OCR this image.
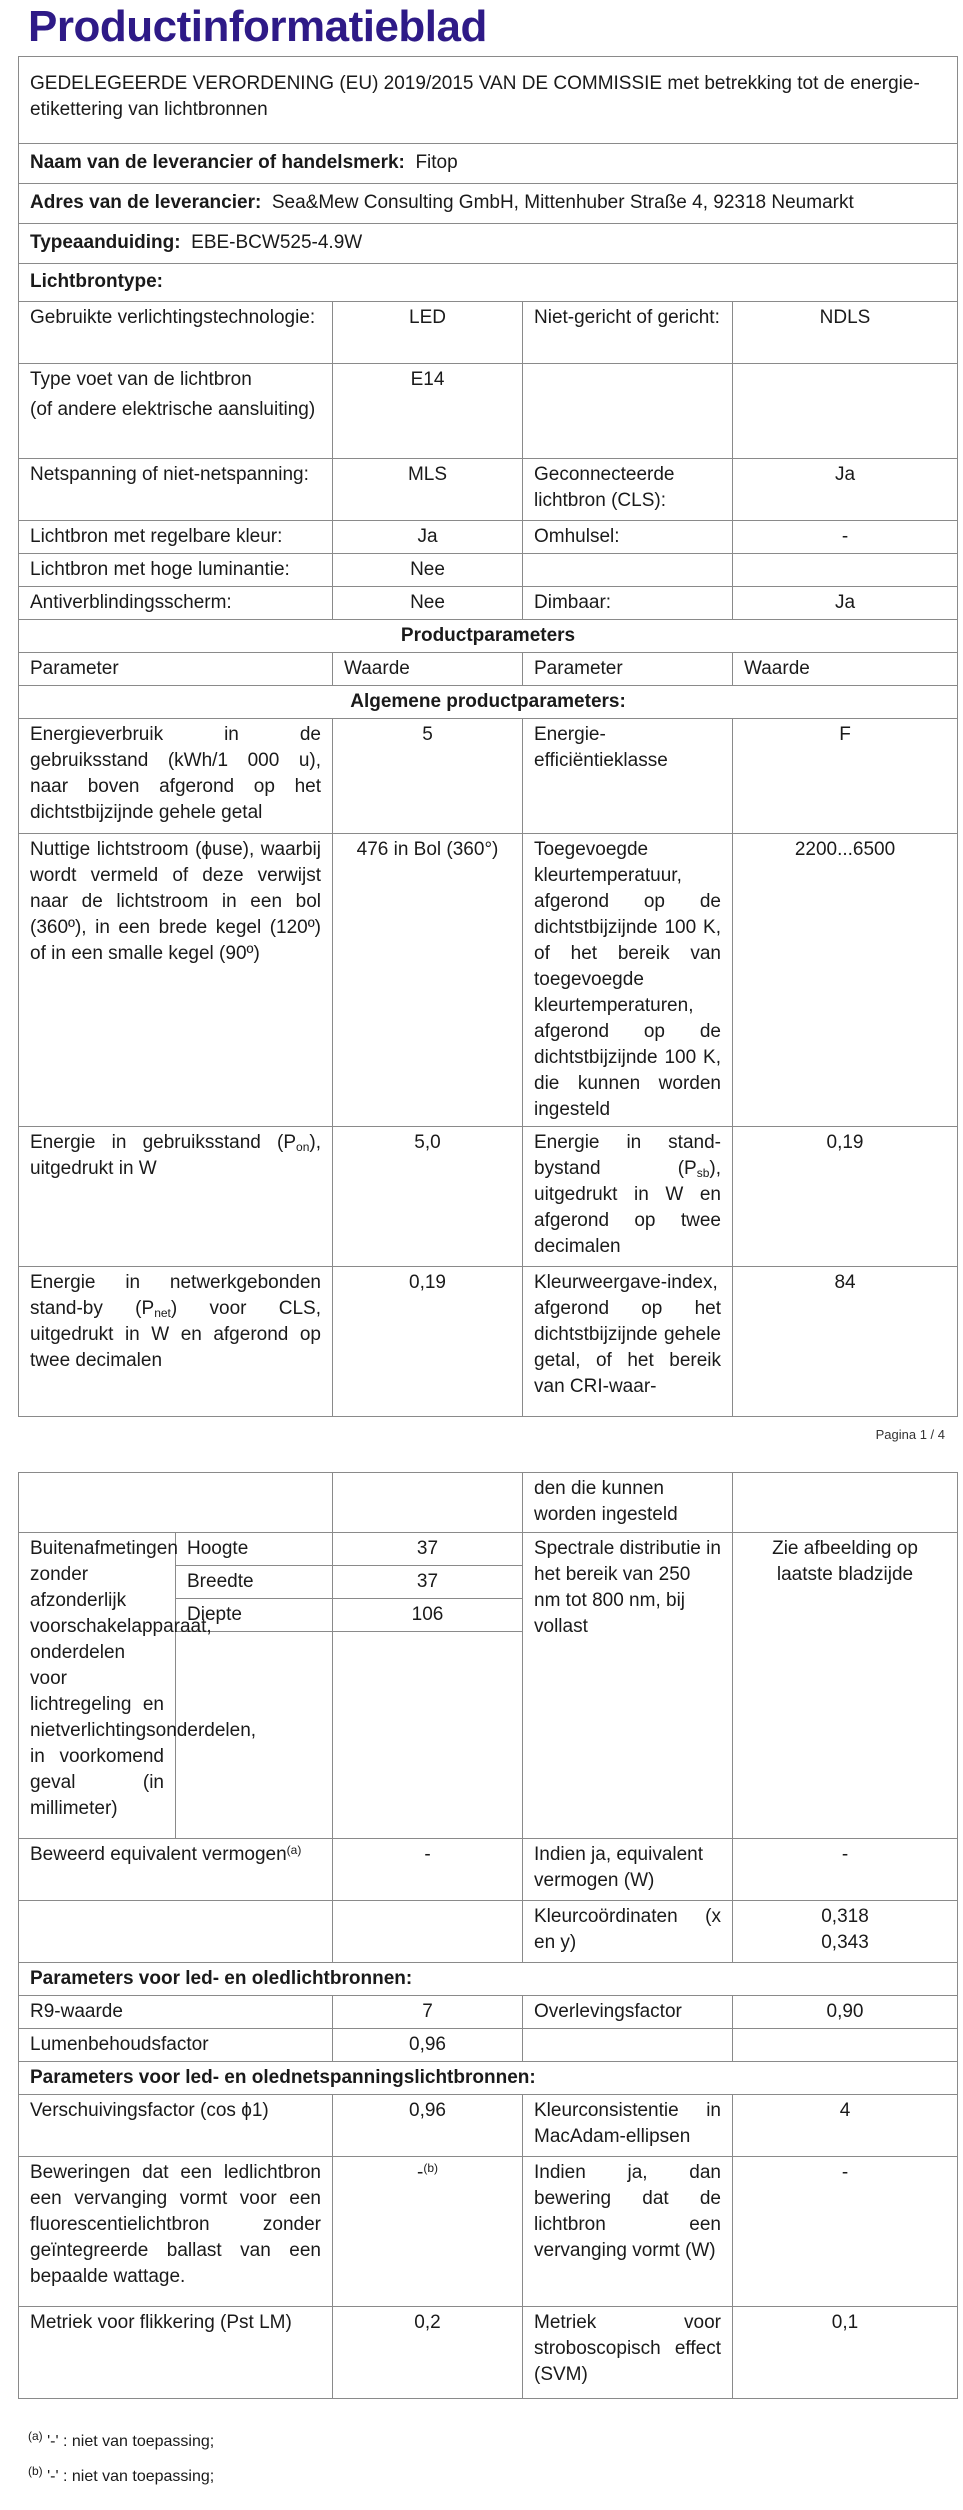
Productinformatieblad
GEDELEGEERDE VERORDENING (EU) 2019/2015 VAN DE COMMISSIE met betrekking tot de energie-etikettering van lichtbronnen			
Naam van de leverancier of handelsmerk: Fitop			
Adres van de leverancier: Sea&Mew Consulting GmbH, Mittenhuber Straße 4, 92318 Neumarkt			
Typeaanduiding: EBE-BCW525-4.9W			
Lichtbrontype:			
Gebruikte verlichtingstechnologie:	LED	Niet-gericht of gericht:	NDLS

Type voet van de lichtbron
(of andere elektrische aansluiting)	E14		
Netspanning of niet-netspanning:	MLS	Geconnecteerde lichtbron (CLS):	Ja
Lichtbron met regelbare kleur:	Ja	Omhulsel:	-
Lichtbron met hoge luminantie:	Nee		
Antiverblindingsscherm:	Nee	Dimbaar:	Ja
Productparameters			
Parameter	Waarde	Parameter	Waarde
Algemene productparameters:			
Energieverbruik in de gebruiksstand (kWh/1 000 u), naar boven afgerond op het dichtstbijzijnde gehele getal	5	Energie-efficiëntieklasse	F
Nuttige lichtstroom (ϕuse), waarbij wordt vermeld of deze verwijst naar de lichtstroom in een bol (360º), in een brede kegel (120º) of in een smalle kegel (90º)	476 in Bol (360°)	Toegevoegde kleurtemperatuur, afgerond op de dichtstbijzijnde 100 K, of het bereik van toegevoegde kleurtemperaturen, afgerond op de dichtstbijzijnde 100 K, die kunnen worden ingesteld	2200...6500
Energie in gebruiksstand $(P_{on})$, uitgedrukt in W	5,0	Energie in stand-bystand $(P_{sb})$, uitgedrukt in W en afgerond op twee decimalen	0,19
Energie in netwerkgebonden stand-by $(P_{net})$ voor CLS, uitgedrukt in W en afgerond op twee decimalen	0,19	Kleurweergave-index, afgerond op het dichtstbijzijnde gehele getal, of het bereik van CRI-waar-	84
Pagina 1 / 4
			den die kunnen worden ingesteld	
Buitenafmetingen zonder afzonderlijk voorschakelapparaat, onderdelen voor lichtregeling en nietverlichtingsonderdelen, in voorkomend geval (in millimeter)	Hoogte	37	Spectrale distributie in het bereik van 250 nm tot 800 nm, bij vollast	Zie afbeelding op laatste bladzijde
	Breedte	37		
	Diepte	106		

Beweerd equivalent vermogen$^{(a)}$		-	Indien ja, equivalent vermogen (W)	-
			Kleurcoördinaten (x en y)	0,318
0,343

Parameters voor led- en oledlichtbronnen:				
R9-waarde		7	Overlevingsfactor	0,90
Lumenbehoudsfactor		0,96		
Parameters voor led- en olednetspanningslichtbronnen:				
Verschuivingsfactor (cos ϕ1)		0,96	Kleurconsistentie in MacAdam-ellipsen	4
Beweringen dat een ledlichtbron een vervanging vormt voor een fluorescentielichtbron zonder geïntegreerde ballast van een bepaalde wattage.		-$^{(b)}$	Indien ja, dan bewering dat de lichtbron een vervanging vormt (W)	-
Metriek voor flikkering (Pst LM)		0,2	Metriek voor stroboscopisch effect (SVM)	0,1
$^{(a)}$ '-' : niet van toepassing;
$^{(b)}$ '-' : niet van toepassing;
